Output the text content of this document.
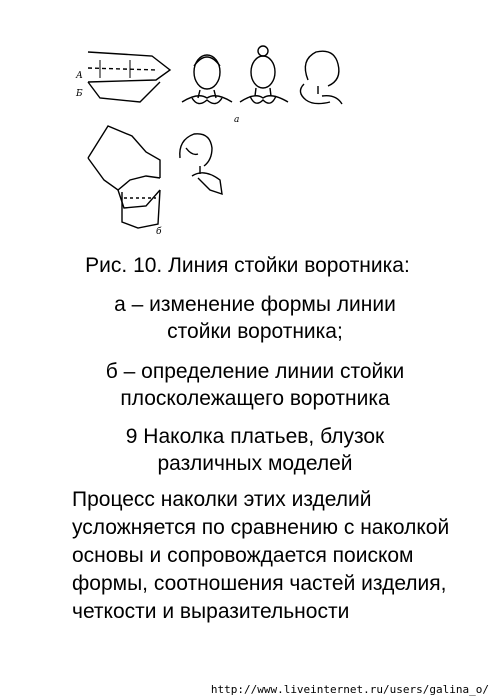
А
Б
а
б
Рис. 10. Линия стойки воротника:
а – изменение формы линии стойки воротника;
б – определение линии стойки плосколежащего воротника
9 Наколка платьев, блузок различных моделей
Процесс наколки этих изделий усложняется по сравнению с наколкой основы и сопровождается поиском формы, соотношения частей изделия, четкости и выразительности
http://www.liveinternet.ru/users/galina_o/
